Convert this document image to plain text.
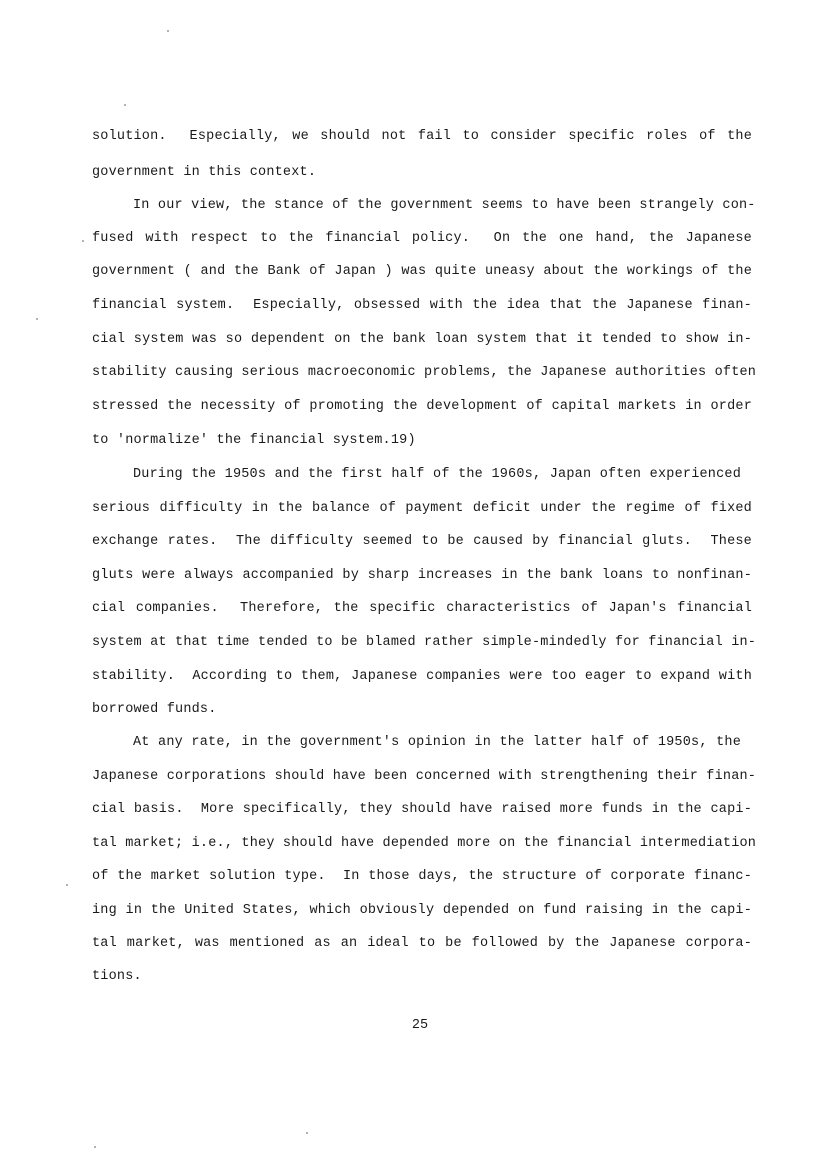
solution.  Especially, we should not fail to consider specific roles of the
government in this context.
In our view, the stance of the government seems to have been strangely con-
fused with respect to the financial policy.  On the one hand, the Japanese
government ( and the Bank of Japan ) was quite uneasy about the workings of the
financial system.  Especially, obsessed with the idea that the Japanese finan-
cial system was so dependent on the bank loan system that it tended to show in-
stability causing serious macroeconomic problems, the Japanese authorities often
stressed the necessity of promoting the development of capital markets in order
to 'normalize' the financial system.19)
During the 1950s and the first half of the 1960s, Japan often experienced
serious difficulty in the balance of payment deficit under the regime of fixed
exchange rates.  The difficulty seemed to be caused by financial gluts.  These
gluts were always accompanied by sharp increases in the bank loans to nonfinan-
cial companies.  Therefore, the specific characteristics of Japan's financial
system at that time tended to be blamed rather simple-mindedly for financial in-
stability.  According to them, Japanese companies were too eager to expand with
borrowed funds.
At any rate, in the government's opinion in the latter half of 1950s, the
Japanese corporations should have been concerned with strengthening their finan-
cial basis.  More specifically, they should have raised more funds in the capi-
tal market; i.e., they should have depended more on the financial intermediation
of the market solution type.  In those days, the structure of corporate financ-
ing in the United States, which obviously depended on fund raising in the capi-
tal market, was mentioned as an ideal to be followed by the Japanese corpora-
tions.
25
